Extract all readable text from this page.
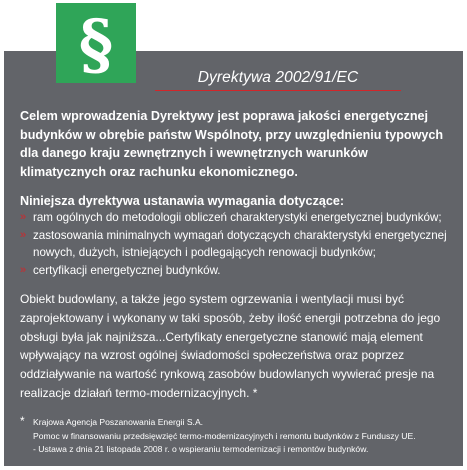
§	Dyrektywa 2002/91/EC

Celem wprowadzenia Dyrektywy jest poprawa jakości energetycznej budynków w obrębie państw Wspólnoty, przy uwzględnieniu typowych dla danego kraju zewnętrznych i wewnętrznych warunków klimatycznych oraz rachunku ekonomicznego.

Niniejsza dyrektywa ustanawia wymagania dotyczące:
» ram ogólnych do metodologii obliczeń charakterystyki energetycznej budynków;
» zastosowania minimalnych wymagań dotyczących charakterystyki energetycznej nowych, dużych, istniejących i podlegających renowacji budynków;
» certyfikacji energetycznej budynków.
Obiekt budowlany, a także jego system ogrzewania i wentylacji musi być zaprojektowany i wykonany w taki sposób, żeby ilość energii potrzebna do jego obsługi była jak najniższa...Certyfikaty energetyczne stanowić mają element wpływający na wzrost ogólnej świadomości społeczeństwa oraz poprzez oddziaływanie na wartość rynkową zasobów budowlanych wywierać presje na realizacje działań termo-modernizacyjnych. *
* Krajowa Agencja Poszanowania Energii S.A.
Pomoc w finansowaniu przedsięwzięć termo-modernizacyjnych i remontu budynków z Funduszy UE.
- Ustawa z dnia 21 listopada 2008 r. o wspieraniu termodernizacji i remontów budynków.
